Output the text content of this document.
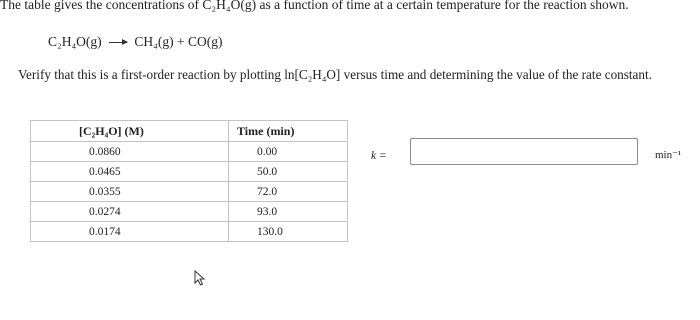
The table gives the concentrations of C₂H₄O(g) as a function of time at a certain temperature for the reaction shown.
C₂H₄O(g) → CH₄(g) + CO(g)
Verify that this is a first-order reaction by plotting ln[C₂H₄O] versus time and determining the value of the rate constant.
[C₂H₄O] (M)	Time (min)
0.0860	0.00
0.0465	50.0
0.0355	72.0
0.0274	93.0
0.0174	130.0
k =	min⁻¹
